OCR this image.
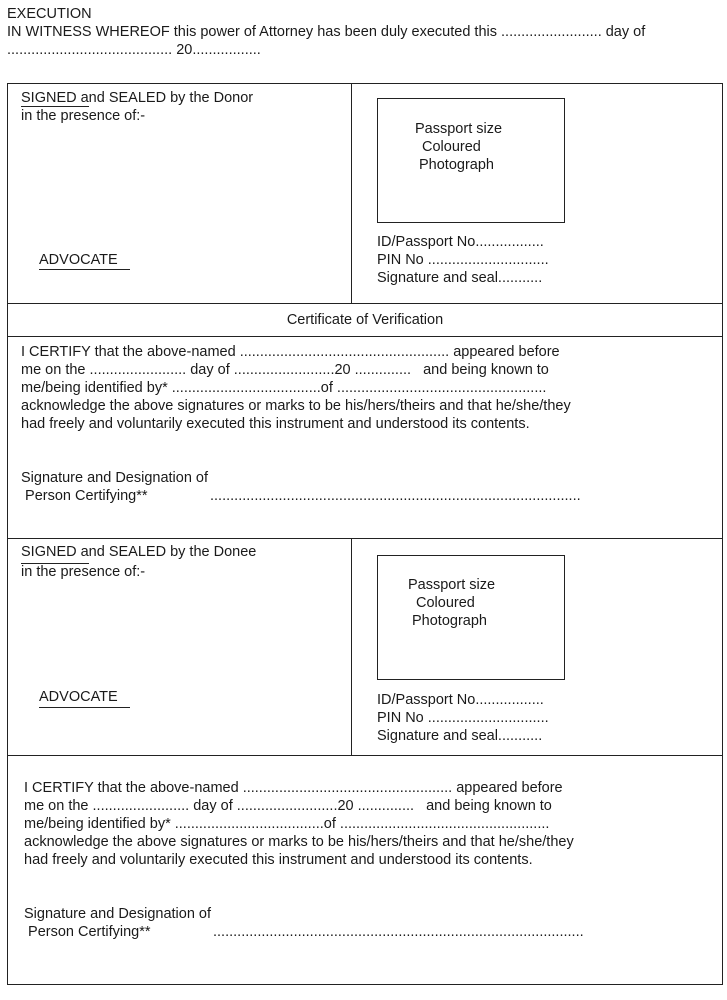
EXECUTION
IN WITNESS WHEREOF this power of Attorney has been duly executed this ......................... day of
......................................... 20.................
SIGNED and SEALED by the Donor
in the presence of:-
ADVOCATE
Passport size
Coloured
Photograph
ID/Passport No.................
PIN No ..............................
Signature and seal...........
Certificate of Verification
I CERTIFY that the above-named .................................................... appeared before
me on the ........................ day of .........................20 ..............   and being known to
me/being identified by* .....................................of ....................................................
acknowledge the above signatures or marks to be his/hers/theirs and that he/she/they
had freely and voluntarily executed this instrument and understood its contents.
Signature and Designation of
Person Certifying**	............................................................................................
SIGNED and SEALED by the Donee
in the presence of:-
ADVOCATE
Passport size
Coloured
Photograph
ID/Passport No.................
PIN No ..............................
Signature and seal...........
I CERTIFY that the above-named .................................................... appeared before
me on the ........................ day of .........................20 ..............   and being known to
me/being identified by* .....................................of ....................................................
acknowledge the above signatures or marks to be his/hers/theirs and that he/she/they
had freely and voluntarily executed this instrument and understood its contents.
Signature and Designation of
Person Certifying**	............................................................................................
